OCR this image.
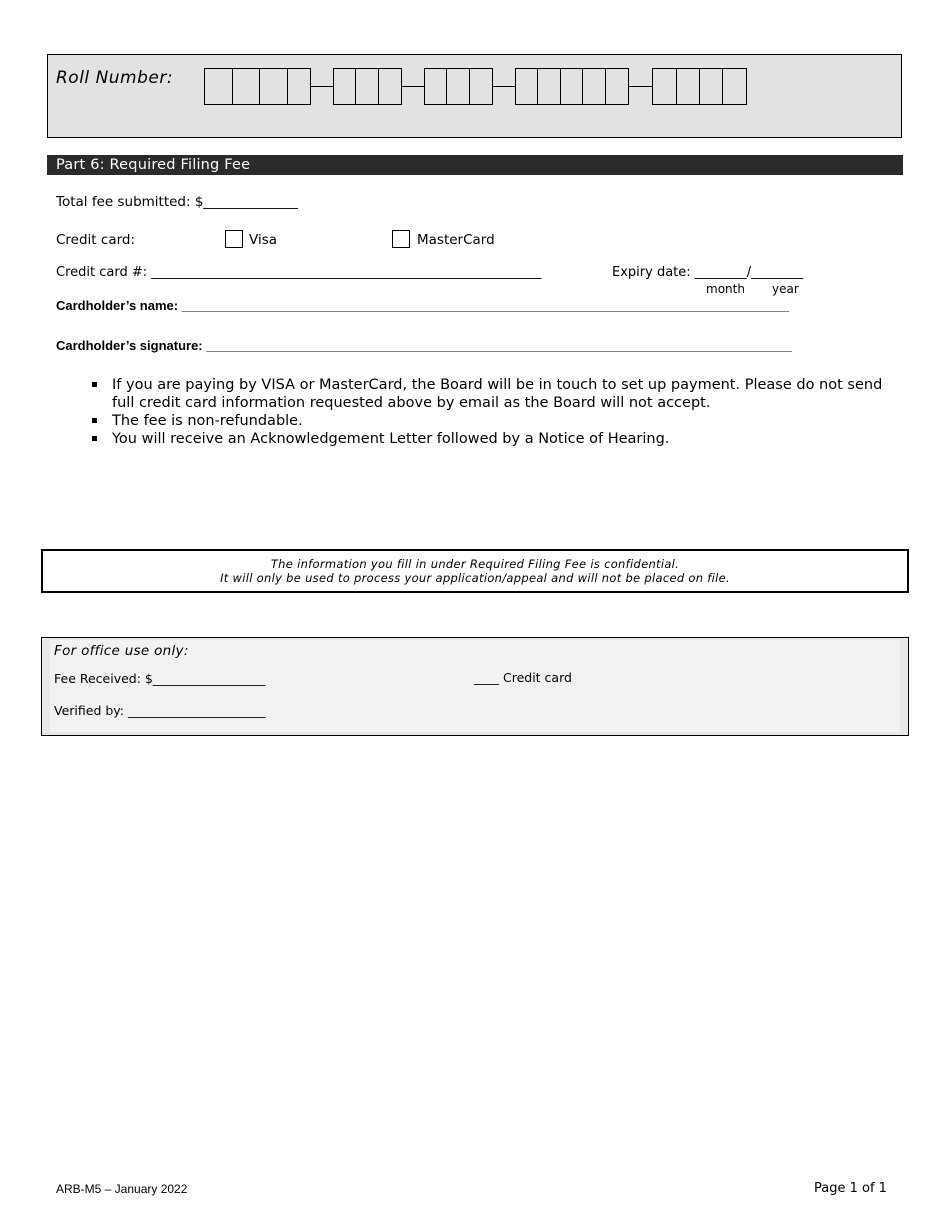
Roll Number:
Part 6: Required Filing Fee
Total fee submitted: $______________
Credit card:	Visa	MasterCard
Credit card #: ____________________________________________________________	Expiry date: ________/________
month year
Cardholder’s name: ____________________________________________________________________________________
Cardholder’s signature: _________________________________________________________________________________
If you are paying by VISA or MasterCard, the Board will be in touch to set up payment. Please do not send full credit card information requested above by email as the Board will not accept.
The fee is non-refundable.
You will receive an Acknowledgement Letter followed by a Notice of Hearing.
The information you fill in under Required Filing Fee is confidential.
It will only be used to process your application/appeal and will not be placed on file.
For office use only:
Fee Received: $__________________	____ Credit card
Verified by: ______________________
ARB-M5 – January 2022	Page 1 of 1
